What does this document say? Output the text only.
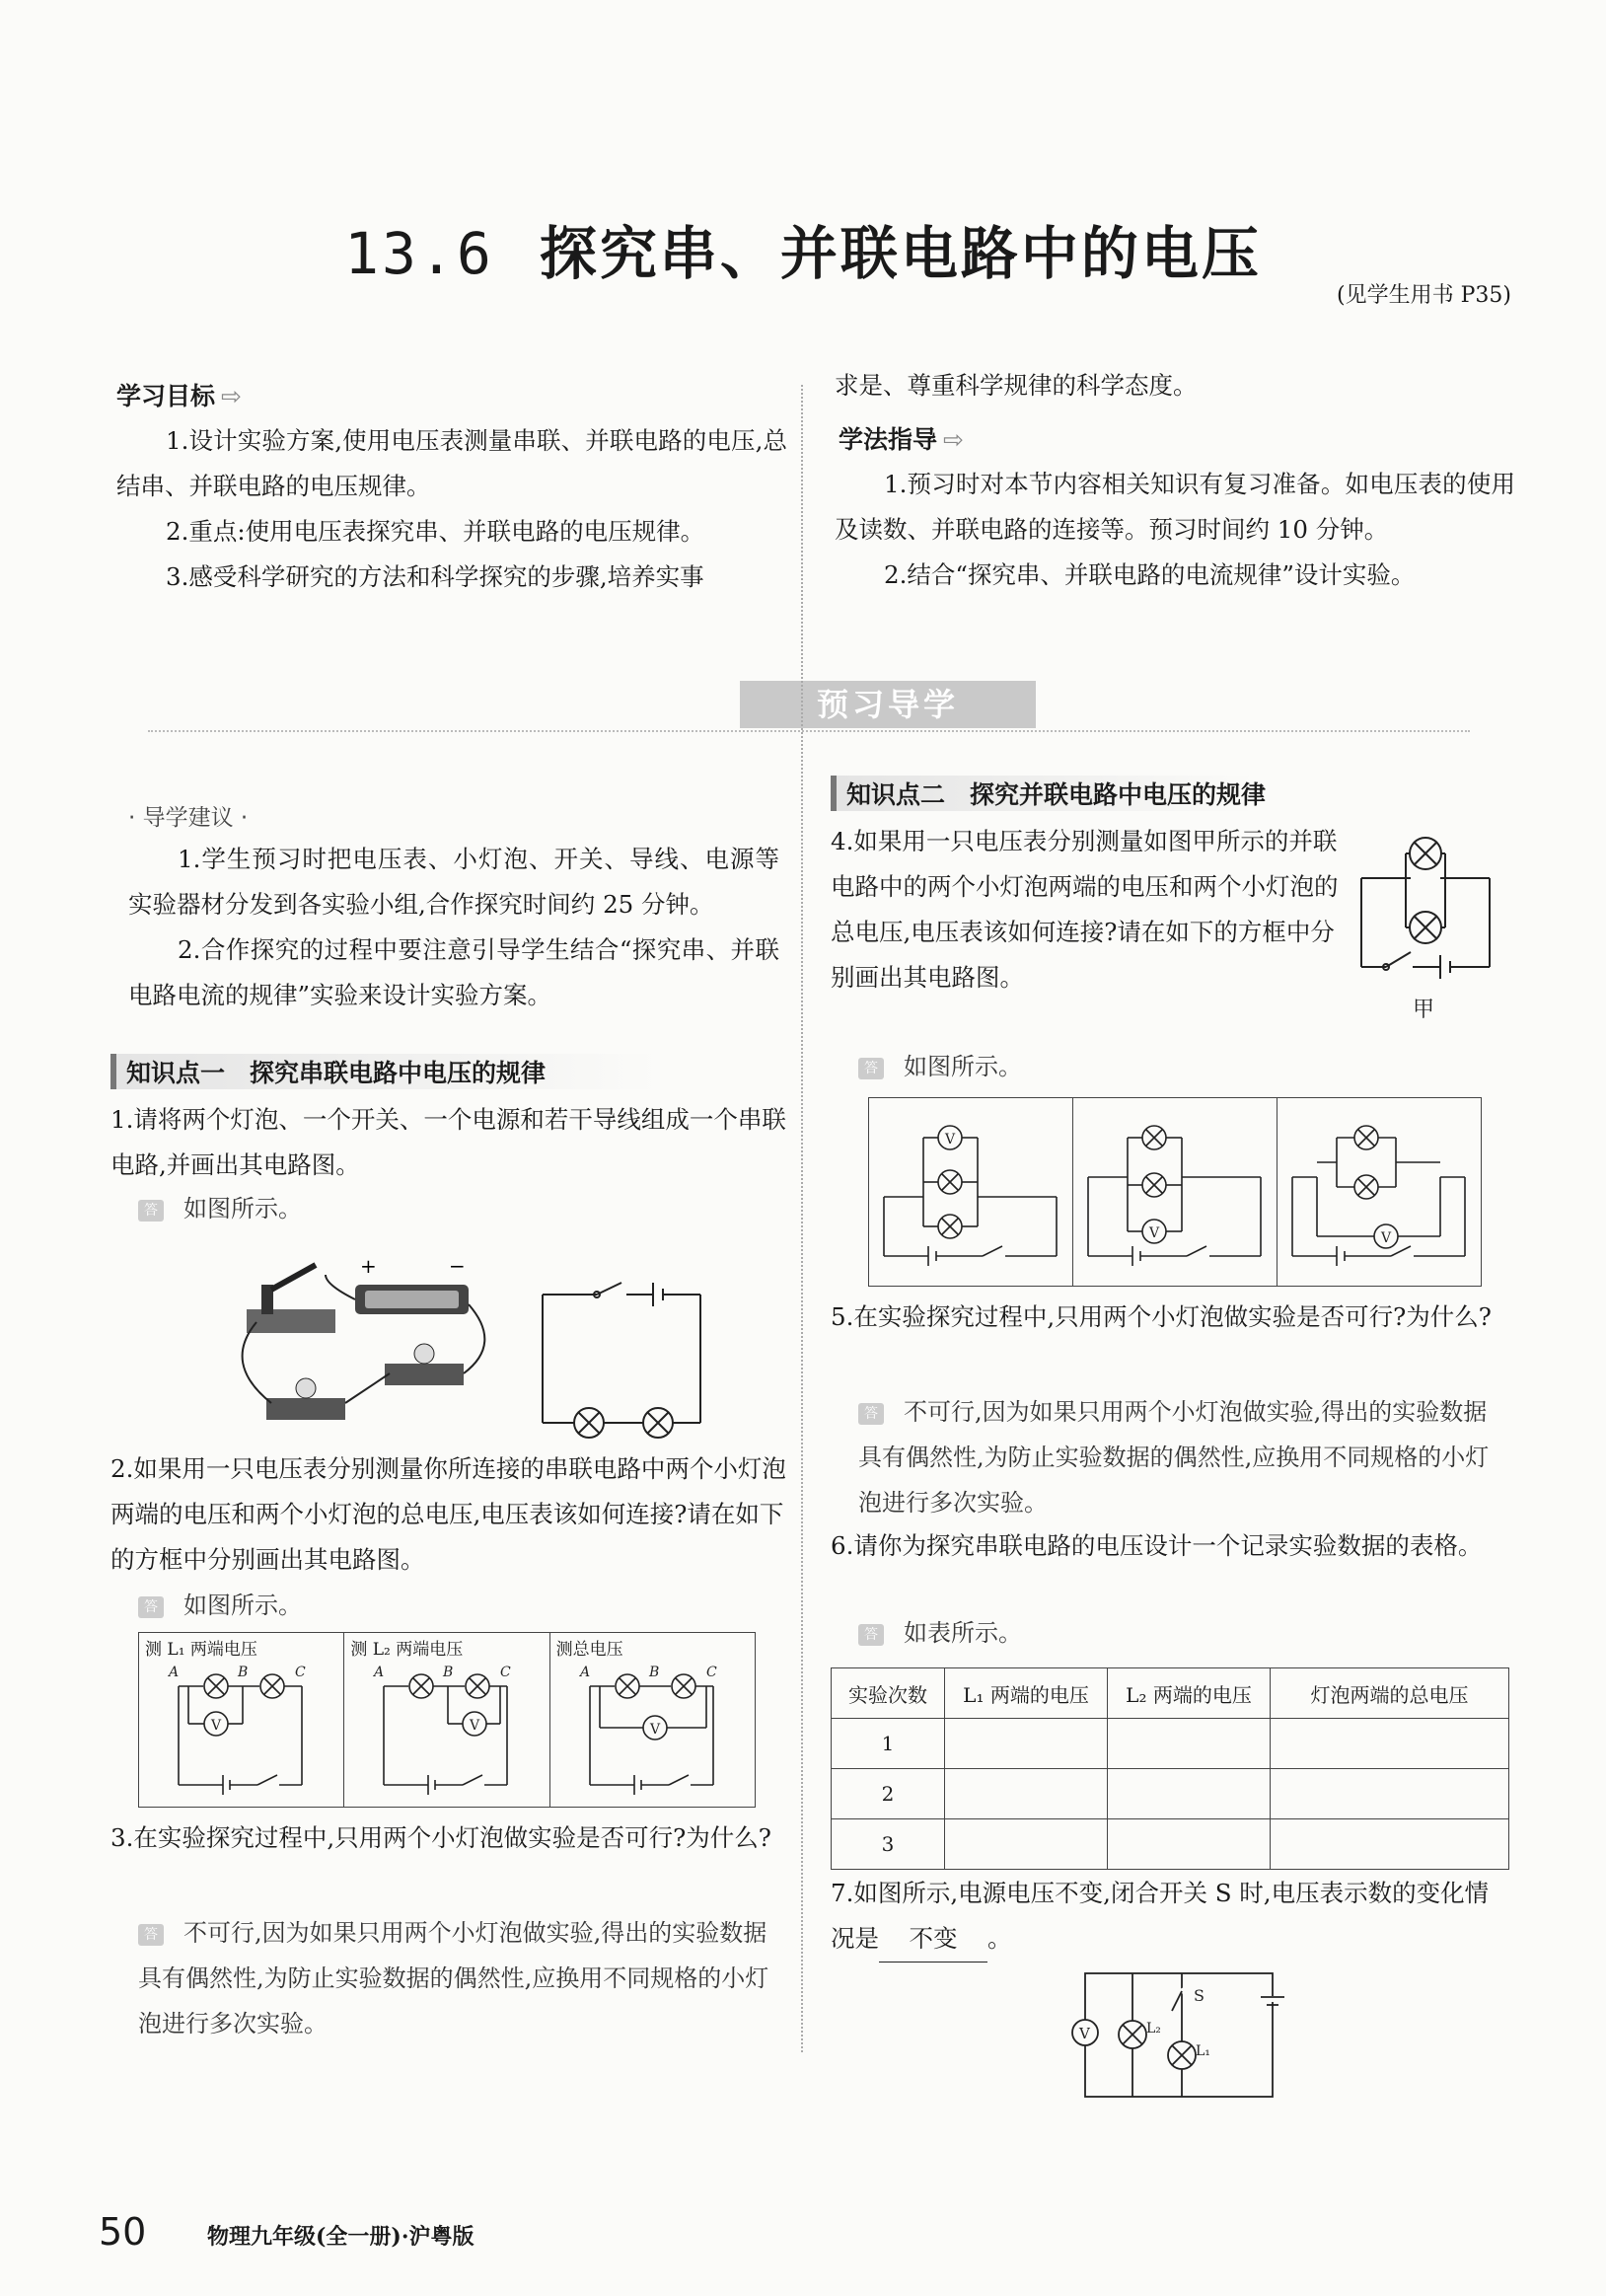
13.6 探究串、并联电路中的电压
(见学生用书 P35)
学习目标 ⇨
1.设计实验方案,使用电压表测量串联、并联电路的电压,总结串、并联电路的电压规律。
2.重点:使用电压表探究串、并联电路的电压规律。
3.感受科学研究的方法和科学探究的步骤,培养实事
求是、尊重科学规律的科学态度。
学法指导 ⇨
1.预习时对本节内容相关知识有复习准备。如电压表的使用及读数、并联电路的连接等。预习时间约 10 分钟。
2.结合“探究串、并联电路的电流规律”设计实验。
预习导学
· 导学建议 ·
1.学生预习时把电压表、小灯泡、开关、导线、电源等实验器材分发到各实验小组,合作探究时间约 25 分钟。
2.合作探究的过程中要注意引导学生结合“探究串、并联电路电流的规律”实验来设计实验方案。
知识点一　探究串联电路中电压的规律
1.请将两个灯泡、一个开关、一个电源和若干导线组成一个串联电路,并画出其电路图。
答 如图所示。
+	−
2.如果用一只电压表分别测量你所连接的串联电路中两个小灯泡两端的电压和两个小灯泡的总电压,电压表该如何连接?请在如下的方框中分别画出其电路图。
答 如图所示。
测 L₁ 两端电压
V
A	B	C
测 L₂ 两端电压
V
A	B	C
测总电压
V
A	B	C
3.在实验探究过程中,只用两个小灯泡做实验是否可行?为什么?
答 不可行,因为如果只用两个小灯泡做实验,得出的实验数据具有偶然性,为防止实验数据的偶然性,应换用不同规格的小灯泡进行多次实验。
知识点二　探究并联电路中电压的规律
4.如果用一只电压表分别测量如图甲所示的并联电路中的两个小灯泡两端的电压和两个小灯泡的总电压,电压表该如何连接?请在如下的方框中分别画出其电路图。
甲
答 如图所示。
V
V	V
5.在实验探究过程中,只用两个小灯泡做实验是否可行?为什么?
答 不可行,因为如果只用两个小灯泡做实验,得出的实验数据具有偶然性,为防止实验数据的偶然性,应换用不同规格的小灯泡进行多次实验。
6.请你为探究串联电路的电压设计一个记录实验数据的表格。
答 如表所示。
实验次数	L₁ 两端的电压	L₂ 两端的电压	灯泡两端的总电压
1			
2			
3			
7.如图所示,电源电压不变,闭合开关 S 时,电压表示数的变化情况是 不变 。
V	L₂
S
L₁
50	物理九年级(全一册)·沪粤版
